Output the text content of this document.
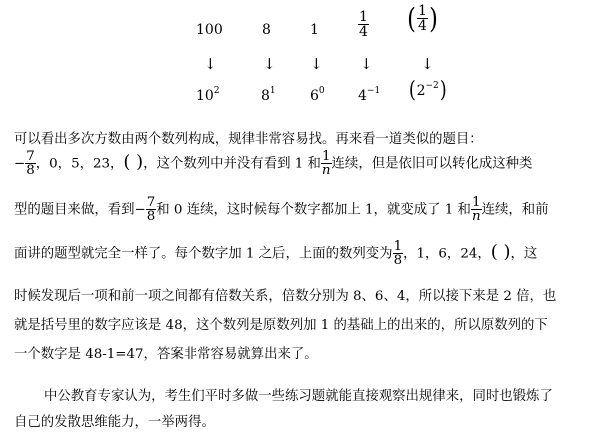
100	8	1	$\frac{1}{4}$ ( $\frac{1}{4}$ )
↓	↓ ↓ ↓	↓
$10^2$	$8^1$ $6^0$ $4^{-1}$ $(2^{-2})$
可以看出多次方数由两个数列构成，规律非常容易找。再来看一道类似的题目：
− $\frac{7}{8}$ ，0，5，23，( )，这个数列中并没有看到 1 和 $\frac{1}{n}$ 连续，但是依旧可以转化成这种类
型的题目来做，看到− $\frac{7}{8}$ 和 0 连续，这时候每个数字都加上 1，就变成了 1 和 $\frac{1}{n}$ 连续，和前
面讲的题型就完全一样了。每个数字加 1 之后，上面的数列变为 $\frac{1}{8}$ ，1，6，24，( )，这
时候发现后一项和前一项之间都有倍数关系，倍数分别为 8、6、4，所以接下来是 2 倍，也
就是括号里的数字应该是 48，这个数列是原数列加 1 的基础上的出来的，所以原数列的下
一个数字是 48-1=47，答案非常容易就算出来了。
中公教育专家认为，考生们平时多做一些练习题就能直接观察出规律来，同时也锻炼了
自己的发散思维能力，一举两得。
